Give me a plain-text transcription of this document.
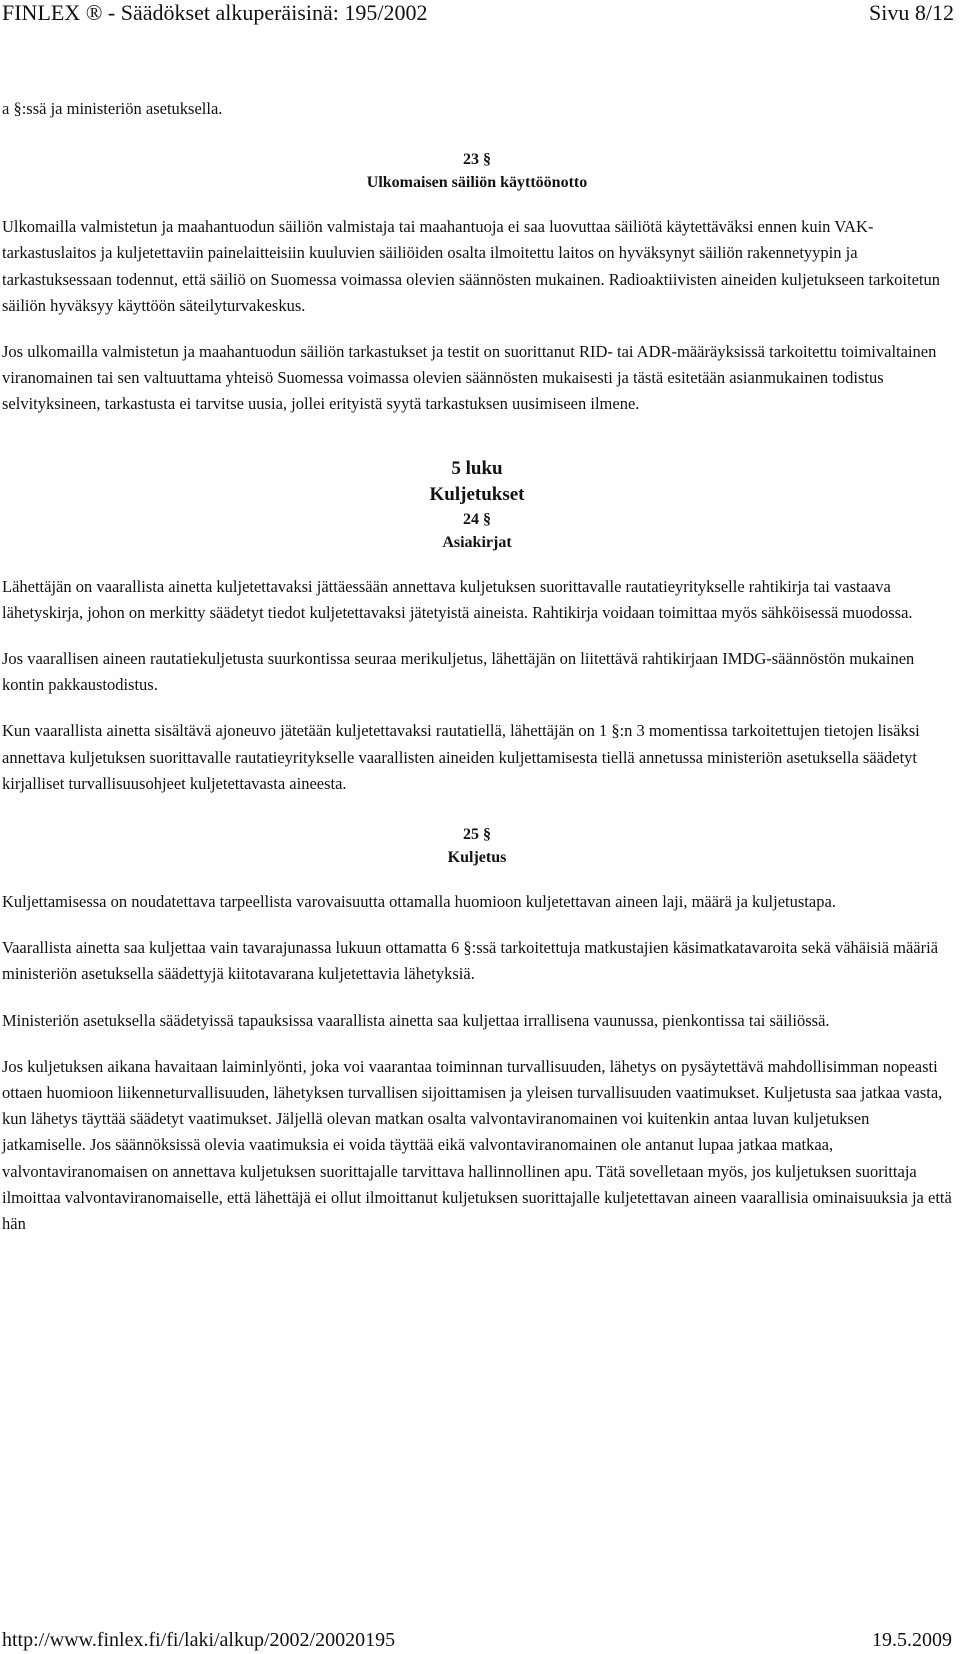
FINLEX ® - Säädökset alkuperäisinä: 195/2002	Sivu 8/12

a §:ssä ja ministeriön asetuksella.

23 §
Ulkomaisen säiliön käyttöönotto

Ulkomailla valmistetun ja maahantuodun säiliön valmistaja tai maahantuoja ei saa luovuttaa säiliötä käytettäväksi ennen kuin VAK-tarkastuslaitos ja kuljetettaviin painelaitteisiin kuuluvien säiliöiden osalta ilmoitettu laitos on hyväksynyt säiliön rakennetyypin ja tarkastuksessaan todennut, että säiliö on Suomessa voimassa olevien säännösten mukainen. Radioaktiivisten aineiden kuljetukseen tarkoitetun säiliön hyväksyy käyttöön säteilyturvakeskus.

Jos ulkomailla valmistetun ja maahantuodun säiliön tarkastukset ja testit on suorittanut RID- tai ADR-määräyksissä tarkoitettu toimivaltainen viranomainen tai sen valtuuttama yhteisö Suomessa voimassa olevien säännösten mukaisesti ja tästä esitetään asianmukainen todistus selvityksineen, tarkastusta ei tarvitse uusia, jollei erityistä syytä tarkastuksen uusimiseen ilmene.

5 luku
Kuljetukset
24 §
Asiakirjat

Lähettäjän on vaarallista ainetta kuljetettavaksi jättäessään annettava kuljetuksen suorittavalle rautatieyritykselle rahtikirja tai vastaava lähetyskirja, johon on merkitty säädetyt tiedot kuljetettavaksi jätetyistä aineista. Rahtikirja voidaan toimittaa myös sähköisessä muodossa.

Jos vaarallisen aineen rautatiekuljetusta suurkontissa seuraa merikuljetus, lähettäjän on liitettävä rahtikirjaan IMDG-säännöstön mukainen kontin pakkaustodistus.

Kun vaarallista ainetta sisältävä ajoneuvo jätetään kuljetettavaksi rautatiellä, lähettäjän on 1 §:n 3 momentissa tarkoitettujen tietojen lisäksi annettava kuljetuksen suorittavalle rautatieyritykselle vaarallisten aineiden kuljettamisesta tiellä annetussa ministeriön asetuksella säädetyt kirjalliset turvallisuusohjeet kuljetettavasta aineesta.

25 §
Kuljetus

Kuljettamisessa on noudatettava tarpeellista varovaisuutta ottamalla huomioon kuljetettavan aineen laji, määrä ja kuljetustapa.

Vaarallista ainetta saa kuljettaa vain tavarajunassa lukuun ottamatta 6 §:ssä tarkoitettuja matkustajien käsimatkatavaroita sekä vähäisiä määriä ministeriön asetuksella säädettyjä kiitotavarana kuljetettavia lähetyksiä.

Ministeriön asetuksella säädetyissä tapauksissa vaarallista ainetta saa kuljettaa irrallisena vaunussa, pienkontissa tai säiliössä.

Jos kuljetuksen aikana havaitaan laiminlyönti, joka voi vaarantaa toiminnan turvallisuuden, lähetys on pysäytettävä mahdollisimman nopeasti ottaen huomioon liikenneturvallisuuden, lähetyksen turvallisen sijoittamisen ja yleisen turvallisuuden vaatimukset. Kuljetusta saa jatkaa vasta, kun lähetys täyttää säädetyt vaatimukset. Jäljellä olevan matkan osalta valvontaviranomainen voi kuitenkin antaa luvan kuljetuksen jatkamiselle. Jos säännöksissä olevia vaatimuksia ei voida täyttää eikä valvontaviranomainen ole antanut lupaa jatkaa matkaa, valvontaviranomaisen on annettava kuljetuksen suorittajalle tarvittava hallinnollinen apu. Tätä sovelletaan myös, jos kuljetuksen suorittaja ilmoittaa valvontaviranomaiselle, että lähettäjä ei ollut ilmoittanut kuljetuksen suorittajalle kuljetettavan aineen vaarallisia ominaisuuksia ja että hän

http://www.finlex.fi/fi/laki/alkup/2002/20020195	19.5.2009
